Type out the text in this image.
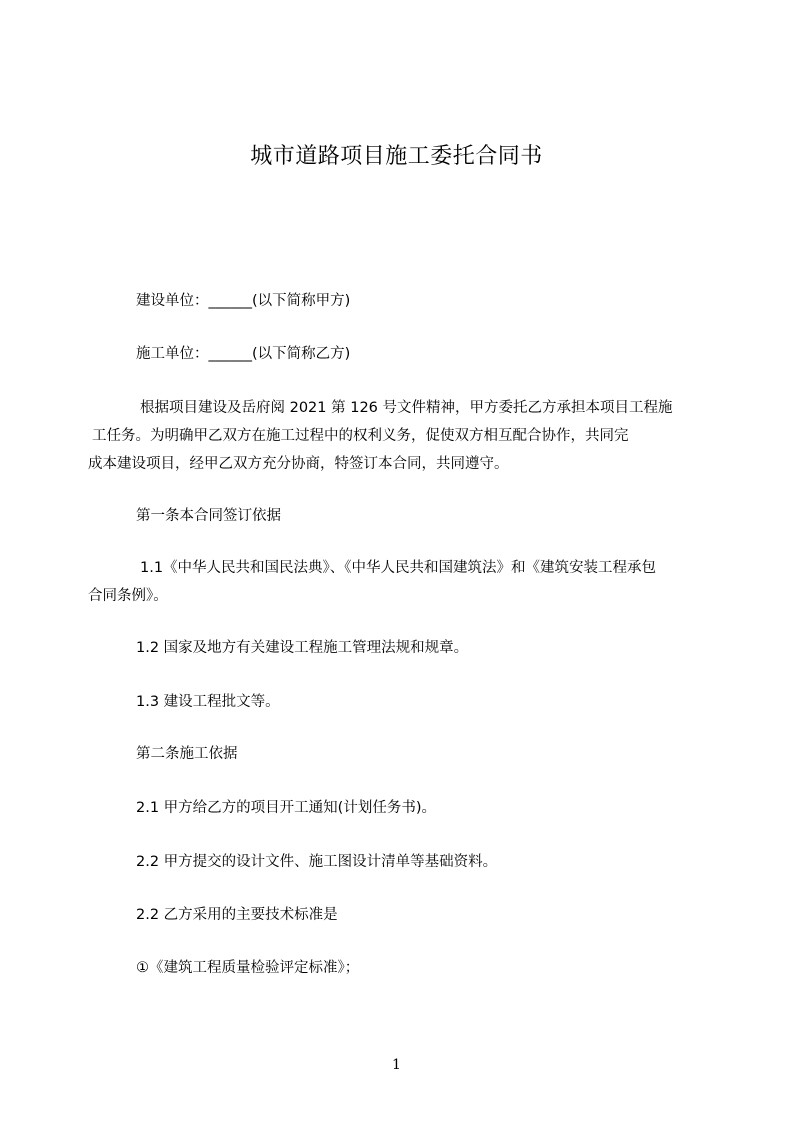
城市道路项目施工委托合同书
建设单位：______(以下简称甲方)
施工单位：______(以下简称乙方)
根据项目建设及岳府阅 2021 第 126 号文件精神，甲方委托乙方承担本项目工程施
工任务。为明确甲乙双方在施工过程中的权利义务，促使双方相互配合协作，共同完
成本建设项目，经甲乙双方充分协商，特签订本合同，共同遵守。
第一条本合同签订依据
1.1《中华人民共和国民法典》、《中华人民共和国建筑法》和《建筑安装工程承包
合同条例》。
1.2 国家及地方有关建设工程施工管理法规和规章。
1.3 建设工程批文等。
第二条施工依据
2.1 甲方给乙方的项目开工通知(计划任务书)。
2.2 甲方提交的设计文件、施工图设计清单等基础资料。
2.2 乙方采用的主要技术标准是
①《建筑工程质量检验评定标准》；
1
